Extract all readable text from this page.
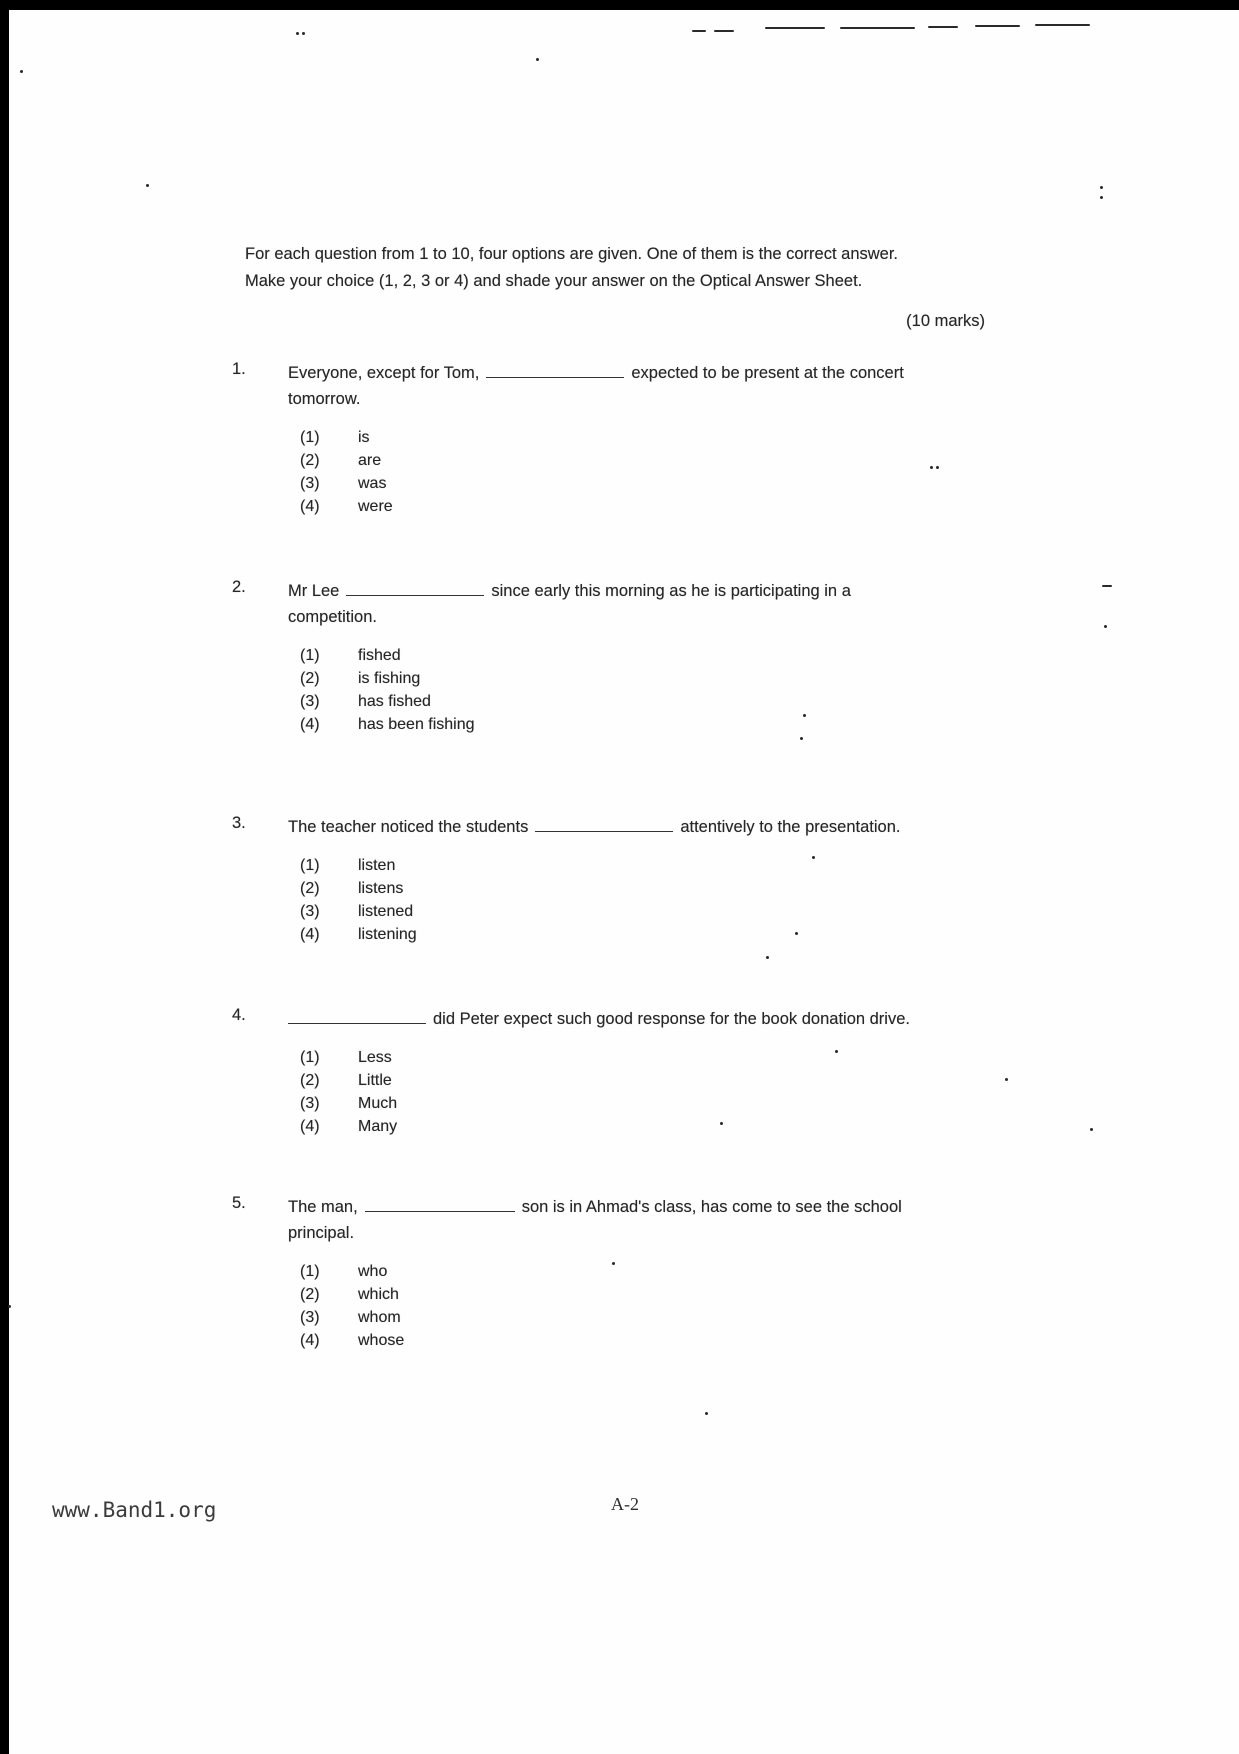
For each question from 1 to 10, four options are given. One of them is the correct answer.
Make your choice (1, 2, 3 or 4) and shade your answer on the Optical Answer Sheet.
(10 marks)
1.	Everyone, except for Tom,	expected to be present at the concert tomorrow.
(1)	is
(2)	are
(3)	was
(4)	were
2.	Mr Lee	since early this morning as he is participating in a competition.
(1)	fished
(2)	is fishing
(3)	has fished
(4)	has been fishing
3.	The teacher noticed the students	attentively to the presentation.
(1)	listen
(2)	listens
(3)	listened
(4)	listening
4.	did Peter expect such good response for the book donation drive.
(1)	Less
(2)	Little
(3)	Much
(4)	Many
5.	The man,	son is in Ahmad's class, has come to see the school principal.
(1)	who
(2)	which
(3)	whom
(4)	whose
www.Band1.org	A-2
